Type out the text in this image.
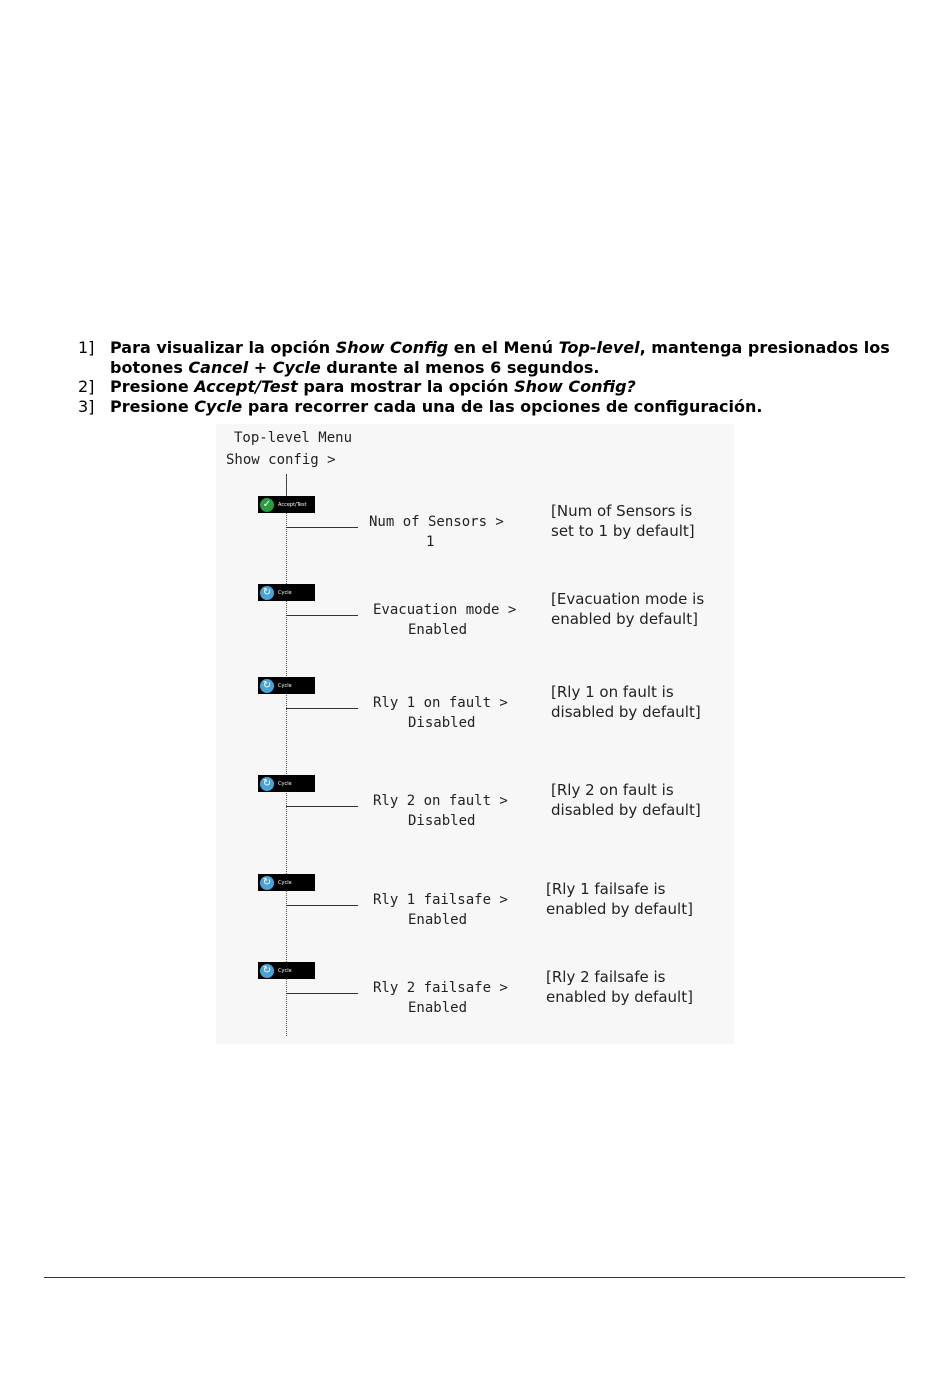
1] Para visualizar la opción Show Config en el Menú Top-level, mantenga presionados los botones Cancel + Cycle durante al menos 6 segundos.
2] Presione Accept/Test para mostrar la opción Show Config?
3] Presione Cycle para recorrer cada una de las opciones de configuración.
Top-level Menu
Show config >
✓	Accept/Test
Num of Sensors >
1
[Num of Sensors is
set to 1 by default]
↻	Cycle
Evacuation mode >
Enabled
[Evacuation mode is
enabled by default]
↻	Cycle
Rly 1 on fault >
Disabled
[Rly 1 on fault is
disabled by default]
↻	Cycle
Rly 2 on fault >
Disabled
[Rly 2 on fault is
disabled by default]
↻	Cycle
Rly 1 failsafe >
Enabled
[Rly 1 failsafe is
enabled by default]
↻	Cycle
Rly 2 failsafe >
Enabled
[Rly 2 failsafe is
enabled by default]
